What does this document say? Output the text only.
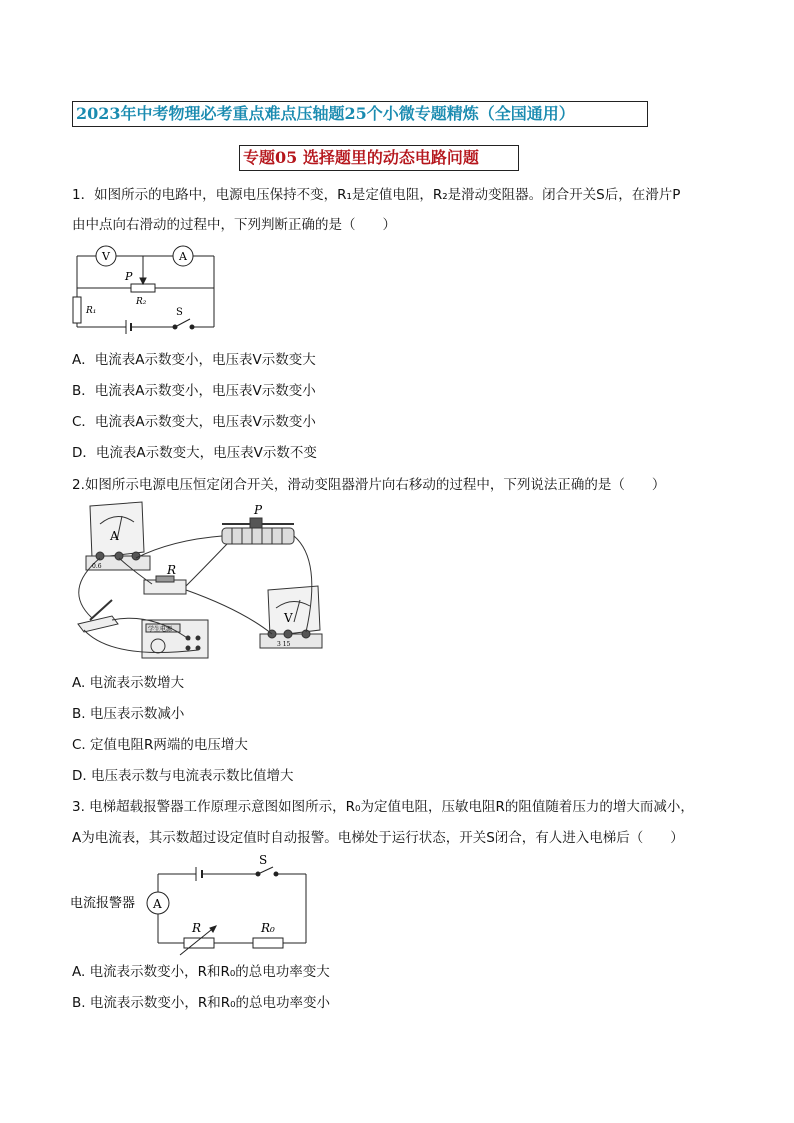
2023年中考物理必考重点难点压轴题25个小微专题精炼（全国通用）
专题05 选择题里的动态电路问题
1．如图所示的电路中，电源电压保持不变，R₁是定值电阻，R₂是滑动变阻器。闭合开关S后，在滑片P
由中点向右滑动的过程中，下列判断正确的是（　　）
V	A
P
R₂
R₁	S
A．电流表A示数变小，电压表V示数变大
B．电流表A示数变小，电压表V示数变小
C．电流表A示数变大，电压表V示数变小
D．电流表A示数变大，电压表V示数不变
2.如图所示电源电压恒定闭合开关，滑动变阻器滑片向右移动的过程中，下列说法正确的是（　　）
A
0.6	R
P
V
3 15
学生电源
A. 电流表示数增大
B. 电压表示数减小
C. 定值电阻R两端的电压增大
D. 电压表示数与电流表示数比值增大
3. 电梯超载报警器工作原理示意图如图所示，R₀为定值电阻，压敏电阻R的阻值随着压力的增大而减小，
A为电流表，其示数超过设定值时自动报警。电梯处于运行状态，开关S闭合，有人进入电梯后（　　）
电流报警器 A
S
R	R₀
A. 电流表示数变小，R和R₀的总电功率变大
B. 电流表示数变小，R和R₀的总电功率变小
